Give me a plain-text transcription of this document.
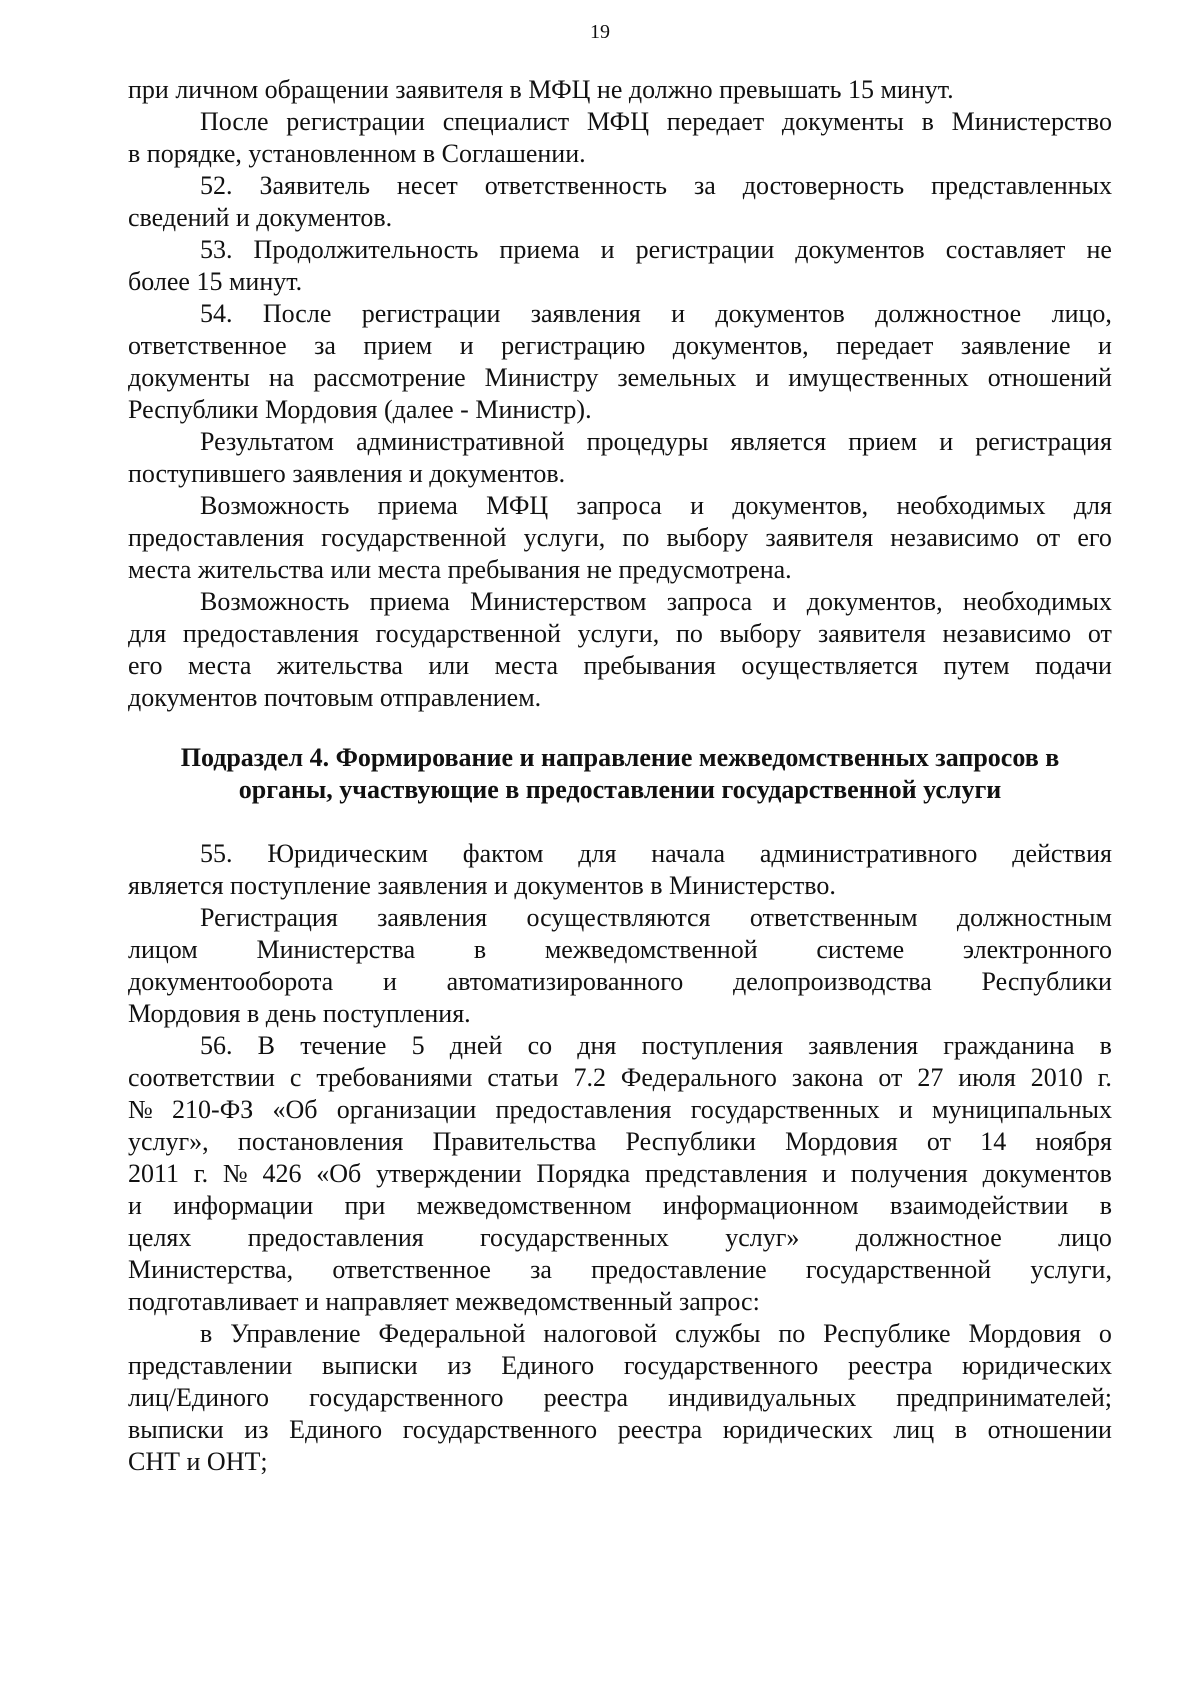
19

при личном обращении заявителя в МФЦ не должно превышать 15 минут.

После регистрации специалист МФЦ передает документы в Министерство
в порядке, установленном в Соглашении.

52. Заявитель несет ответственность за достоверность представленных
сведений и документов.

53. Продолжительность приема и регистрации документов составляет не
более 15 минут.

54. После регистрации заявления и документов должностное лицо,
ответственное за прием и регистрацию документов, передает заявление и
документы на рассмотрение Министру земельных и имущественных отношений
Республики Мордовия (далее - Министр).

Результатом административной процедуры является прием и регистрация
поступившего заявления и документов.

Возможность приема МФЦ запроса и документов, необходимых для
предоставления государственной услуги, по выбору заявителя независимо от его
места жительства или места пребывания не предусмотрена.

Возможность приема Министерством запроса и документов, необходимых
для предоставления государственной услуги, по выбору заявителя независимо от
его места жительства или места пребывания осуществляется путем подачи
документов почтовым отправлением.

Подраздел 4. Формирование и направление межведомственных запросов в
органы, участвующие в предоставлении государственной услуги

55. Юридическим фактом для начала административного действия
является поступление заявления и документов в Министерство.

Регистрация заявления осуществляются ответственным должностным
лицом Министерства в межведомственной системе электронного
документооборота и автоматизированного делопроизводства Республики
Мордовия в день поступления.

56. В течение 5 дней со дня поступления заявления гражданина в
соответствии с требованиями статьи 7.2 Федерального закона от 27 июля 2010 г.
№ 210-ФЗ «Об организации предоставления государственных и муниципальных
услуг», постановления Правительства Республики Мордовия от 14 ноября
2011 г. № 426 «Об утверждении Порядка представления и получения документов
и информации при межведомственном информационном взаимодействии в
целях предоставления государственных услуг» должностное лицо
Министерства, ответственное за предоставление государственной услуги,
подготавливает и направляет межведомственный запрос:

в Управление Федеральной налоговой службы по Республике Мордовия о
представлении выписки из Единого государственного реестра юридических
лиц/Единого государственного реестра индивидуальных предпринимателей;
выписки из Единого государственного реестра юридических лиц в отношении
СНТ и ОНТ;
